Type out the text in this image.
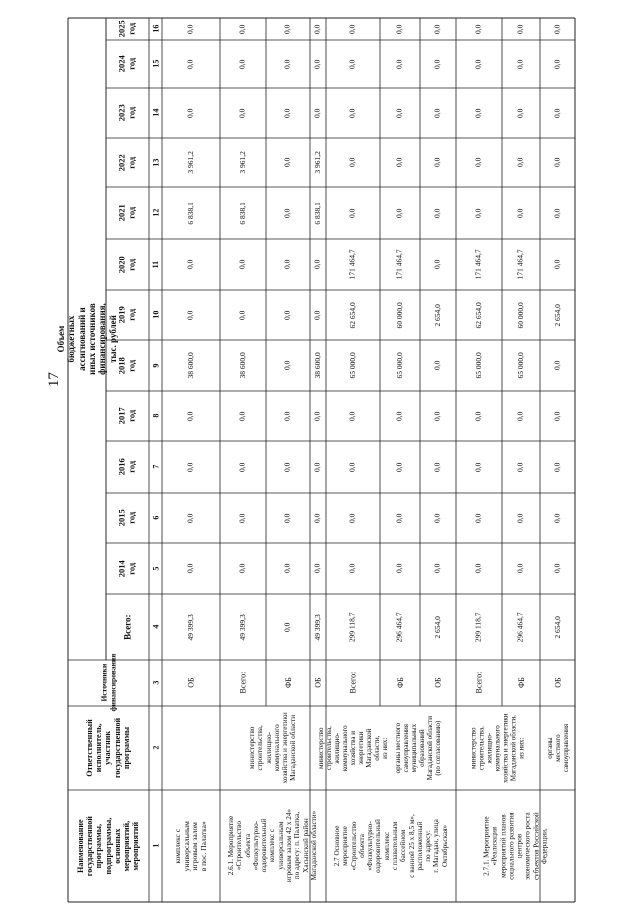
17
Наименование
государственной
программы,
подпрограммы,
основных
мероприятий,
мероприятий
Ответственный
исполнитель,
участник
государственной
программы
Источники
финансирования
Объем бюджетных ассигнований и иных источников финансирования,
тыс. рублей
Всего:
2014
год
2015
год
2016
год
2017
год
2018
год
2019
год
2020
год
2021
год
2022
год
2023
год
2024
год
2025
год
1
2
3
4
5
6
7
8
9
10
11
12
13
14
15
16
комплекс с
универсальным
игровым залом
в пос. Палатка»
2.6.1. Мероприятие
«Строительство
объекта
«Физкультурно-
оздоровительный
комплекс с
универсальным
игровым залом 42 х 24»
по адресу: п. Палатка,
Хасынский район
Магаданской области»
министерство
строительства,
жилищно-
коммунального
хозяйства и энергетики
Магаданской области
2.7 Основное
мероприятие
«Строительство
объекта
«Физкультурно-
оздоровительный
комплекс
с плавательным
бассейном
с ванной 25 х 8,5 м»,
расположенный
по адресу:
г. Магадан, улица
Октябрьская»
министерство
строительства,
жилищно-
коммунального
хозяйства и энергетики
Магаданской области,
из них:
органы местного
самоуправления
муниципальных
образований
Магаданской области
(по согласованию)
2.7.1. Мероприятие
«Реализация
мероприятий планов
социального развития
центров
экономического роста
субъектов Российской
Федерации,
министерство
строительства,
жилищно-
коммунального
хозяйства и энергетики
Магаданской области,
из них:	органы местного
самоуправления
ОБ
49 399,3
0,0
0,0
0,0
0,0
38 600,0
0,0
0,0
6 838,1
3 961,2
0,0
0,0
0,0
Всего:
49 399,3
0,0
0,0
0,0
0,0
38 600,0
0,0
0,0
6 838,1
3 961,2
0,0
0,0
0,0
ФБ
0,0
0,0
0,0
0,0
0,0
0,0
0,0
0,0
0,0
0,0
0,0
0,0
0,0
ОБ
49 399,3
0,0
0,0
0,0
0,0
38 600,0
0,0
0,0
6 838,1
3 961,2
0,0
0,0
0,0
Всего:
299 118,7
0,0
0,0
0,0
0,0
65 000,0
62 654,0
171 464,7
0,0
0,0
0,0
0,0
0,0
ФБ
296 464,7
0,0
0,0
0,0
0,0
65 000,0
60 000,0
171 464,7
0,0
0,0
0,0
0,0
0,0
ОБ
2 654,0
0,0
0,0
0,0
0,0
0,0
2 654,0
0,0
0,0
0,0
0,0
0,0
0,0
Всего:
299 118,7
0,0
0,0
0,0
0,0
65 000,0
62 654,0
171 464,7
0,0
0,0
0,0
0,0
0,0
ФБ
296 464,7
0,0
0,0
0,0
0,0
65 000,0
60 000,0
171 464,7
0,0
0,0
0,0
0,0
0,0
ОБ
2 654,0
0,0
0,0
0,0
0,0
0,0
2 654,0
0,0
0,0
0,0
0,0
0,0
0,0
